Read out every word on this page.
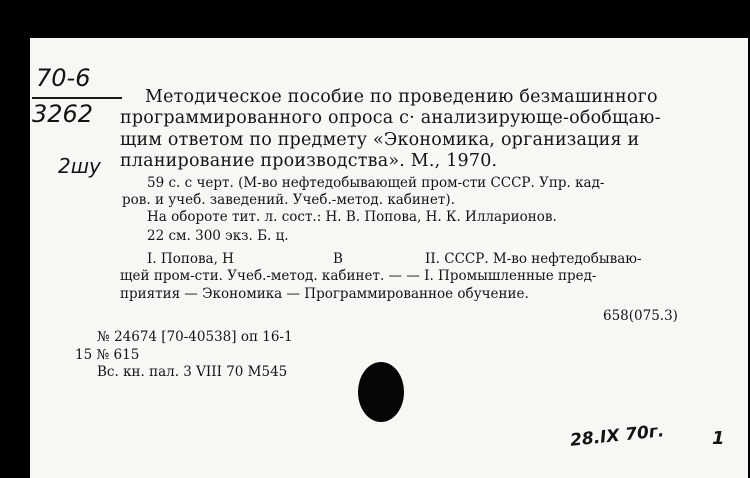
70-6
3262
2шу
Методическое пособие по проведению безмашинного
программированного опроса с· анализирующе-обобщаю-
щим ответом по предмету «Экономика, организация и
планирование производства». М., 1970.
59 с. с черт. (М-во нефтедобывающей пром-сти СССР. Упр. кад-
ров. и учеб. заведений. Учеб.-метод. кабинет).
На обороте тит. л. сост.: Н. В. Попова, Н. К. Илларионов.
22 см. 300 экз. Б. ц.
I. Попова, Н	В	II. СССР. М-во нефтедобываю-
щей пром-сти. Учеб.-метод. кабинет. — — I. Промышленные пред-
приятия — Экономика — Программированное обучение.
658(075.3)
№ 24674 [70-40538] оп 16-1
15 № 615
Вс. кн. пал. 3 VIII 70 М545
28.IX 70г.	1
